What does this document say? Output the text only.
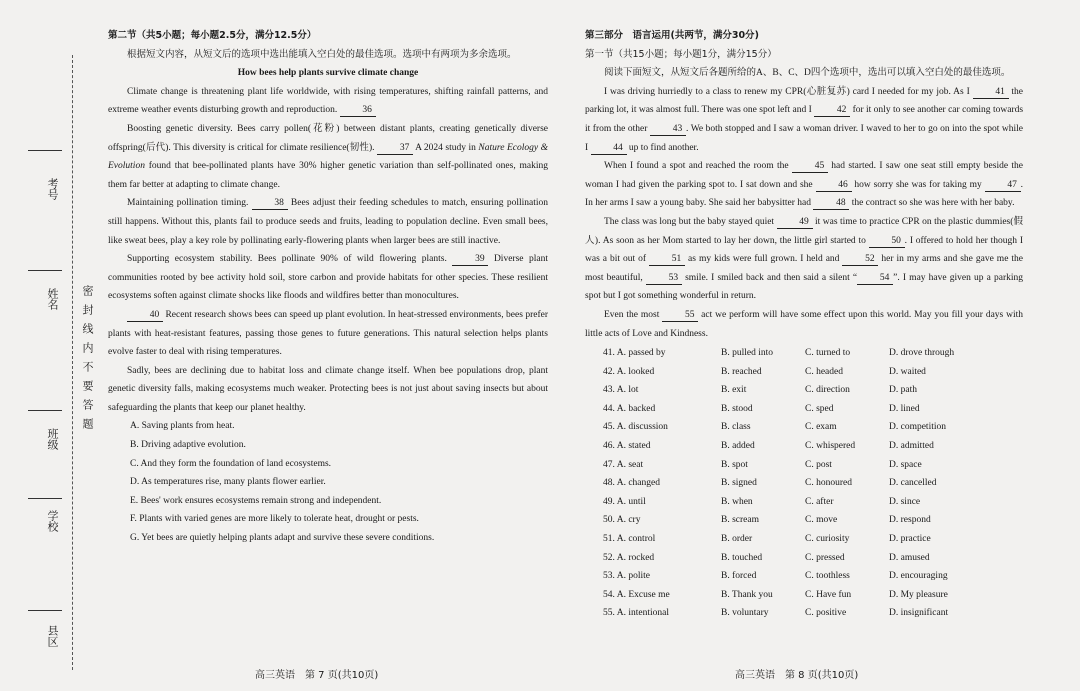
考号
姓名
班级
学校
县区
密封线内不要答题

第二节（共5小题；每小题2.5分，满分12.5分）

根据短文内容，从短文后的选项中选出能填入空白处的最佳选项。选项中有两项为多余选项。

How bees help plants survive climate change

Climate change is threatening plant life worldwide, with rising temperatures, shifting rainfall patterns, and extreme weather events disturbing growth and reproduction.	36

Boosting genetic diversity. Bees carry pollen(花粉) between distant plants, creating genetically diverse offspring(后代). This diversity is critical for climate resilience(韧性).	37 A 2024 study in Nature Ecology & Evolution found that bee-pollinated plants have 30% higher genetic variation than self-pollinated ones, making them far better at adapting to climate change.

Maintaining pollination timing.	38 Bees adjust their feeding schedules to match, ensuring pollination still happens. Without this, plants fail to produce seeds and fruits, leading to population decline. Even small bees, like sweat bees, play a key role by pollinating early-flowering plants when larger bees are still inactive.

Supporting ecosystem stability. Bees pollinate 90% of wild flowering plants.	39 Diverse plant communities rooted by bee activity hold soil, store carbon and provide habitats for other species. These resilient ecosystems soften against climate shocks like floods and wildfires better than monocultures.

40 Recent research shows bees can speed up plant evolution. In heat-stressed environments, bees prefer plants with heat-resistant features, passing those genes to future generations. This natural selection helps plants evolve faster to deal with rising temperatures.

Sadly, bees are declining due to habitat loss and climate change itself. When bee populations drop, plant genetic diversity falls, making ecosystems much weaker. Protecting bees is not just about saving insects but about safeguarding the plants that keep our planet healthy.

A. Saving plants from heat.

B. Driving adaptive evolution.

C. And they form the foundation of land ecosystems.

D. As temperatures rise, many plants flower earlier.

E. Bees' work ensures ecosystems remain strong and independent.

F. Plants with varied genes are more likely to tolerate heat, drought or pests.

G. Yet bees are quietly helping plants adapt and survive these severe conditions.

高三英语　第 7 页(共10页)

第三部分　语言运用(共两节，满分30分)

第一节（共15小题；每小题1分，满分15分）

阅读下面短文，从短文后各题所给的A、B、C、D四个选项中，选出可以填入空白处的最佳选项。

I was driving hurriedly to a class to renew my CPR(心脏复苏) card I needed for my job. As I	41 the parking lot, it was almost full. There was one spot left and I	42 for it only to see another car coming towards it from the other	43 . We both stopped and I saw a woman driver. I waved to her to go on into the spot while I	44 up to find another.

When I found a spot and reached the room the	45 had started. I saw one seat still empty beside the woman I had given the parking spot to. I sat down and she	46 how sorry she was for taking my	47 . In her arms I saw a young baby. She said her babysitter had	48 the contract so she was here with her baby.

The class was long but the baby stayed quiet	49 it was time to practice CPR on the plastic dummies(假人). As soon as her Mom started to lay her down, the little girl started to	50 . I offered to hold her though I was a bit out of	51 as my kids were full grown. I held and	52 her in my arms and she gave me the most beautiful,	53 smile. I smiled back and then said a silent “ 54 ”. I may have given up a parking spot but I got something wonderful in return.

Even the most	55 act we perform will have some effect upon this world. May you fill your days with little acts of Love and Kindness.

41. A. passed by	B. pulled into	C. turned to	D. drove through
42. A. looked	B. reached	C. headed	D. waited
43. A. lot	B. exit	C. direction	D. path
44. A. backed	B. stood	C. sped	D. lined
45. A. discussion	B. class	C. exam	D. competition
46. A. stated	B. added	C. whispered	D. admitted
47. A. seat	B. spot	C. post	D. space
48. A. changed	B. signed	C. honoured	D. cancelled
49. A. until	B. when	C. after	D. since
50. A. cry	B. scream	C. move	D. respond
51. A. control	B. order	C. curiosity	D. practice
52. A. rocked	B. touched	C. pressed	D. amused
53. A. polite	B. forced	C. toothless	D. encouraging
54. A. Excuse me	B. Thank you	C. Have fun	D. My pleasure
55. A. intentional	B. voluntary	C. positive	D. insignificant
高三英语　第 8 页(共10页)
